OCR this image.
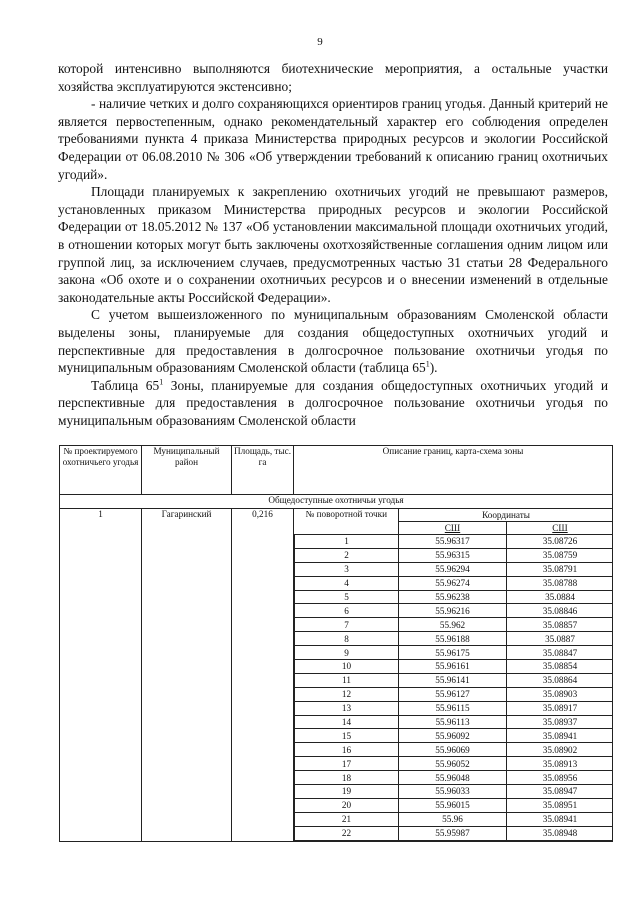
9

которой интенсивно выполняются биотехнические мероприятия, а остальные участки хозяйства эксплуатируются экстенсивно;

- наличие четких и долго сохраняющихся ориентиров границ угодья. Данный критерий не является первостепенным, однако рекомендательный характер его соблюдения определен требованиями пункта 4 приказа Министерства природных ресурсов и экологии Российской Федерации от 06.08.2010 № 306 «Об утверждении требований к описанию границ охотничьих угодий».

Площади планируемых к закреплению охотничьих угодий не превышают размеров, установленных приказом Министерства природных ресурсов и экологии Российской Федерации от 18.05.2012 № 137 «Об установлении максимальной площади охотничьих угодий, в отношении которых могут быть заключены охотхозяйственные соглашения одним лицом или группой лиц, за исключением случаев, предусмотренных частью 31 статьи 28 Федерального закона «Об охоте и о сохранении охотничьих ресурсов и о внесении изменений в отдельные законодательные акты Российской Федерации».

С учетом вышеизложенного по муниципальным образованиям Смоленской области выделены зоны, планируемые для создания общедоступных охотничьих угодий и перспективные для предоставления в долгосрочное пользование охотничьи угодья по муниципальным образованиям Смоленской области (таблица $65^1$).

Таблица $65^1$ Зоны, планируемые для создания общедоступных охотничьих угодий и перспективные для предоставления в долгосрочное пользование охотничьи угодья по муниципальным образованиям Смоленской области

№ проектируемого охотничьего угодья	Муниципальный район	Площадь, тыс. га	Описание границ, карта-схема зоны
Общедоступные охотничьи угодья
1	Гагаринский	0,216		№ поворотной точки	Координаты
СШ	СШ
1	55.96317	35.08726
2	55.96315	35.08759
3	55.96294	35.08791
4	55.96274	35.08788
5	55.96238	35.0884
6	55.96216	35.08846
7	55.962	35.08857
8	55.96188	35.0887
9	55.96175	35.08847
10	55.96161	35.08854
11	55.96141	35.08864
12	55.96127	35.08903
13	55.96115	35.08917
14	55.96113	35.08937
15	55.96092	35.08941
16	55.96069	35.08902
17	55.96052	35.08913
18	55.96048	35.08956
19	55.96033	35.08947
20	55.96015	35.08951
21	55.96	35.08941
22	55.95987	35.08948
